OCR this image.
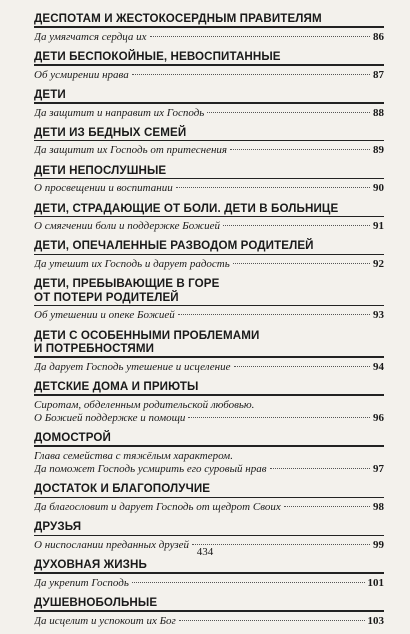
ДЕСПОТАМ И ЖЕСТОКОСЕРДНЫМ ПРАВИТЕЛЯМ
Да умягчатся сердца их	86
ДЕТИ БЕСПОКОЙНЫЕ, НЕВОСПИТАННЫЕ
Об усмирении нрава	87
ДЕТИ
Да защитит и направит их Господь	88
ДЕТИ ИЗ БЕДНЫХ СЕМЕЙ
Да защитит их Господь от притеснения	89
ДЕТИ НЕПОСЛУШНЫЕ
О просвещении и воспитании	90
ДЕТИ, СТРАДАЮЩИЕ ОТ БОЛИ. ДЕТИ В БОЛЬНИЦЕ
О смягчении боли и поддержке Божией	91
ДЕТИ, ОПЕЧАЛЕННЫЕ РАЗВОДОМ РОДИТЕЛЕЙ
Да утешит их Господь и дарует радость	92
ДЕТИ, ПРЕБЫВАЮЩИЕ В ГОРЕ
ОТ ПОТЕРИ РОДИТЕЛЕЙ
Об утешении и опеке Божией	93
ДЕТИ С ОСОБЕННЫМИ ПРОБЛЕМАМИ
И ПОТРЕБНОСТЯМИ
Да дарует Господь утешение и исцеление	94
ДЕТСКИЕ ДОМА И ПРИЮТЫ
Сиротам, обделенным родительской любовью.
О Божией поддержке и помощи	96
ДОМОСТРОЙ
Глава семейства с тяжёлым характером.
Да поможет Господь усмирить его суровый нрав	97
ДОСТАТОК И БЛАГОПОЛУЧИЕ
Да благословит и дарует Господь от щедрот Своих	98
ДРУЗЬЯ
О ниспослании преданных друзей	99
ДУХОВНАЯ ЖИЗНЬ
Да укрепит Господь	101
ДУШЕВНОБОЛЬНЫЕ
Да исцелит и успокоит их Бог	103
434
